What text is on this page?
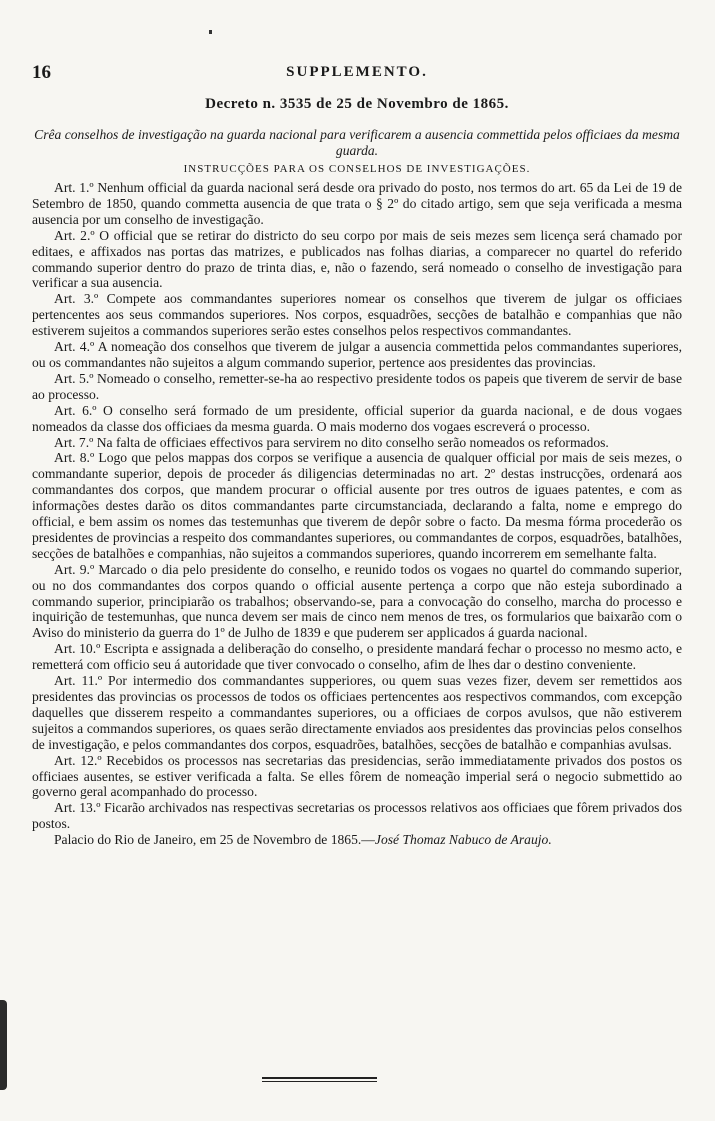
16	SUPPLEMENTO.
Decreto n. 3535 de 25 de Novembro de 1865.
Crêa conselhos de investigação na guarda nacional para verificarem a ausencia commettida pelos officiaes da mesma guarda.
INSTRUCÇÕES PARA OS CONSELHOS DE INVESTIGAÇÕES.

Art. 1.º Nenhum official da guarda nacional será desde ora privado do posto, nos termos do art. 65 da Lei de 19 de Setembro de 1850, quando commetta ausencia de que trata o § 2º do citado artigo, sem que seja verificada a mesma ausencia por um conselho de investigação.

Art. 2.º O official que se retirar do districto do seu corpo por mais de seis mezes sem licença será chamado por editaes, e affixados nas portas das matrizes, e publicados nas folhas diarias, a comparecer no quartel do referido commando superior dentro do prazo de trinta dias, e, não o fazendo, será nomeado o conselho de investigação para verificar a sua ausencia.

Art. 3.º Compete aos commandantes superiores nomear os conselhos que tiverem de julgar os officiaes pertencentes aos seus commandos superiores. Nos corpos, esquadrões, secções de batalhão e companhias que não estiverem sujeitos a commandos superiores serão estes conselhos pelos respectivos commandantes.

Art. 4.º A nomeação dos conselhos que tiverem de julgar a ausencia commettida pelos commandantes superiores, ou os commandantes não sujeitos a algum commando superior, pertence aos presidentes das provincias.

Art. 5.º Nomeado o conselho, remetter-se-ha ao respectivo presidente todos os papeis que tiverem de servir de base ao processo.

Art. 6.º O conselho será formado de um presidente, official superior da guarda nacional, e de dous vogaes nomeados da classe dos officiaes da mesma guarda. O mais moderno dos vogaes escreverá o processo.

Art. 7.º Na falta de officiaes effectivos para servirem no dito conselho serão nomeados os reformados.

Art. 8.º Logo que pelos mappas dos corpos se verifique a ausencia de qualquer official por mais de seis mezes, o commandante superior, depois de proceder ás diligencias determinadas no art. 2º destas instrucções, ordenará aos commandantes dos corpos, que mandem procurar o official ausente por tres outros de iguaes patentes, e com as informações destes darão os ditos commandantes parte circumstanciada, declarando a falta, nome e emprego do official, e bem assim os nomes das testemunhas que tiverem de depôr sobre o facto. Da mesma fórma procederão os presidentes de provincias a respeito dos commandantes superiores, ou commandantes de corpos, esquadrões, batalhões, secções de batalhões e companhias, não sujeitos a commandos superiores, quando incorrerem em semelhante falta.

Art. 9.º Marcado o dia pelo presidente do conselho, e reunido todos os vogaes no quartel do commando superior, ou no dos commandantes dos corpos quando o official ausente pertença a corpo que não esteja subordinado a commando superior, principiarão os trabalhos; observando-se, para a convocação do conselho, marcha do processo e inquirição de testemunhas, que nunca devem ser mais de cinco nem menos de tres, os formularios que baixarão com o Aviso do ministerio da guerra do 1º de Julho de 1839 e que puderem ser applicados á guarda nacional.

Art. 10.º Escripta e assignada a deliberação do conselho, o presidente mandará fechar o processo no mesmo acto, e remetterá com officio seu á autoridade que tiver convocado o conselho, afim de lhes dar o destino conveniente.

Art. 11.º Por intermedio dos commandantes supperiores, ou quem suas vezes fizer, devem ser remettidos aos presidentes das provincias os processos de todos os officiaes pertencentes aos respectivos commandos, com excepção daquelles que disserem respeito a commandantes superiores, ou a officiaes de corpos avulsos, que não estiverem sujeitos a commandos superiores, os quaes serão directamente enviados aos presidentes das provincias pelos conselhos de investigação, e pelos commandantes dos corpos, esquadrões, batalhões, secções de batalhão e companhias avulsas.

Art. 12.º Recebidos os processos nas secretarias das presidencias, serão immediatamente privados dos postos os officiaes ausentes, se estiver verificada a falta. Se elles fôrem de nomeação imperial será o negocio submettido ao governo geral acompanhado do processo.

Art. 13.º Ficarão archivados nas respectivas secretarias os processos relativos aos officiaes que fôrem privados dos postos.

Palacio do Rio de Janeiro, em 25 de Novembro de 1865.—José Thomaz Nabuco de Araujo.
